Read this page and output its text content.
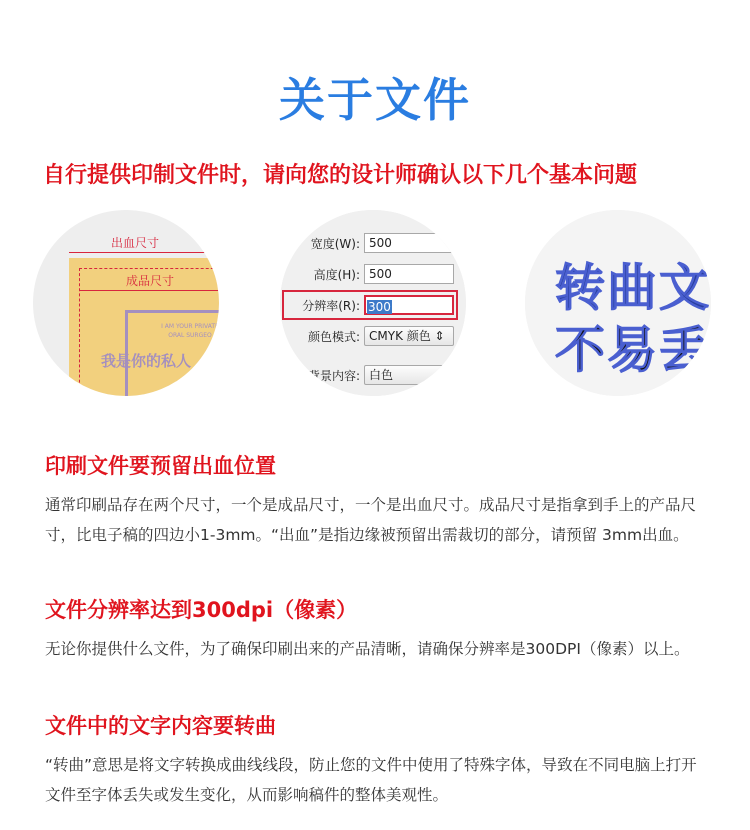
关于文件
自行提供印制文件时，请向您的设计师确认以下几个基本问题
出血尺寸
成品尺寸
I AM YOUR PRIVATE ORAL SURGEO
我是你的私人
宽度(W): 500
高度(H): 500
分辨率(R): 300
颜色模式: CMYK 颜色 ⇕
背景内容: 白色
转曲文
不易丢
印刷文件要预留出血位置

通常印刷品存在两个尺寸，一个是成品尺寸，一个是出血尺寸。成品尺寸是指拿到手上的产品尺寸，比电子稿的四边小1-3mm。“出血”是指边缘被预留出需裁切的部分，请预留 3mm出血。

文件分辨率达到300dpi（像素）

无论你提供什么文件，为了确保印刷出来的产品清晰，请确保分辨率是300DPI（像素）以上。

文件中的文字内容要转曲

“转曲”意思是将文字转换成曲线线段，防止您的文件中使用了特殊字体，导致在不同电脑上打开文件至字体丢失或发生变化，从而影响稿件的整体美观性。
